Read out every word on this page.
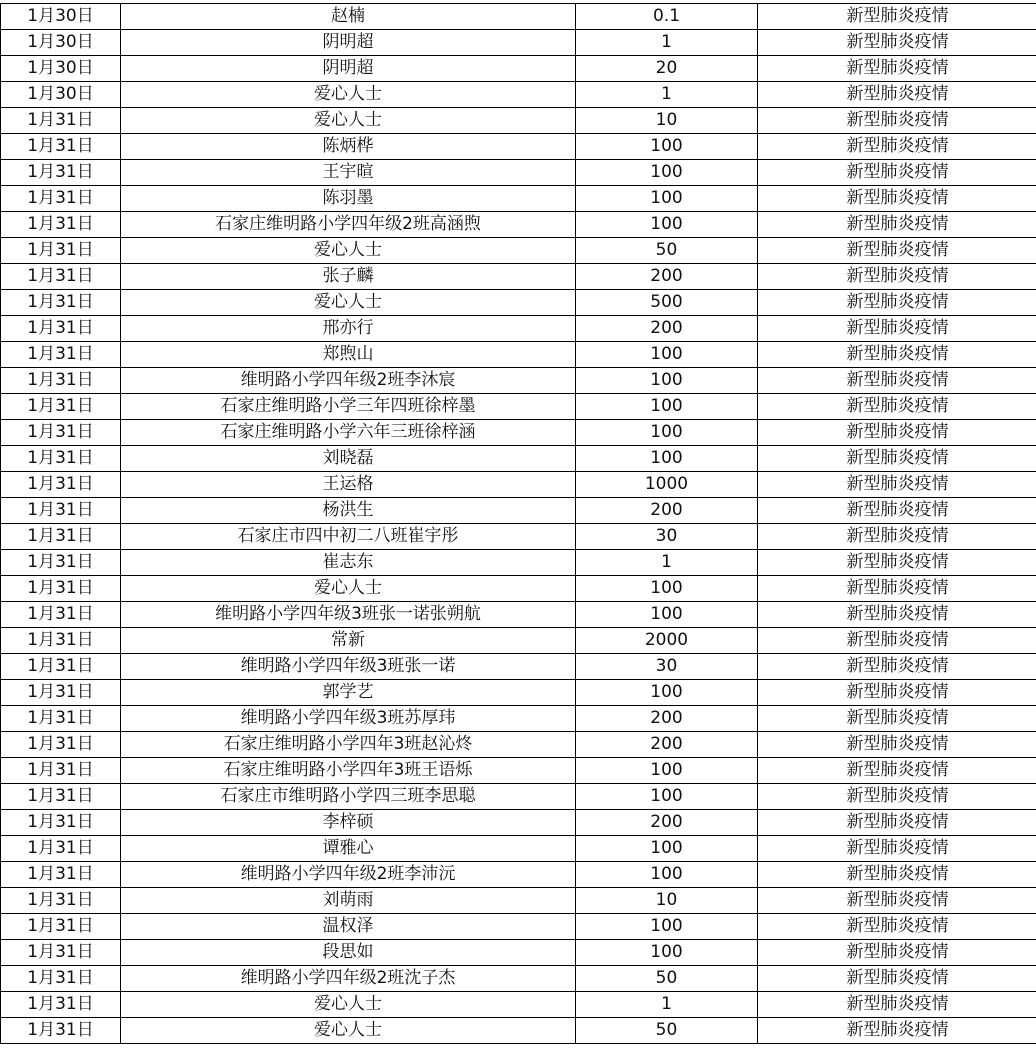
1月30日	赵楠	0.1	新型肺炎疫情
1月30日	阴明超	1	新型肺炎疫情
1月30日	阴明超	20	新型肺炎疫情
1月30日	爱心人士	1	新型肺炎疫情
1月31日	爱心人士	10	新型肺炎疫情
1月31日	陈炳桦	100	新型肺炎疫情
1月31日	王宇暄	100	新型肺炎疫情
1月31日	陈羽墨	100	新型肺炎疫情
1月31日	石家庄维明路小学四年级2班高涵煦	100	新型肺炎疫情
1月31日	爱心人士	50	新型肺炎疫情
1月31日	张子麟	200	新型肺炎疫情
1月31日	爱心人士	500	新型肺炎疫情
1月31日	邢亦行	200	新型肺炎疫情
1月31日	郑煦山	100	新型肺炎疫情
1月31日	维明路小学四年级2班李沐宸	100	新型肺炎疫情
1月31日	石家庄维明路小学三年四班徐梓墨	100	新型肺炎疫情
1月31日	石家庄维明路小学六年三班徐梓涵	100	新型肺炎疫情
1月31日	刘晓磊	100	新型肺炎疫情
1月31日	王运格	1000	新型肺炎疫情
1月31日	杨洪生	200	新型肺炎疫情
1月31日	石家庄市四中初二八班崔宇彤	30	新型肺炎疫情
1月31日	崔志东	1	新型肺炎疫情
1月31日	爱心人士	100	新型肺炎疫情
1月31日	维明路小学四年级3班张一诺张朔航	100	新型肺炎疫情
1月31日	常新	2000	新型肺炎疫情
1月31日	维明路小学四年级3班张一诺	30	新型肺炎疫情
1月31日	郭学艺	100	新型肺炎疫情
1月31日	维明路小学四年级3班苏厚玮	200	新型肺炎疫情
1月31日	石家庄维明路小学四年3班赵沁炵	200	新型肺炎疫情
1月31日	石家庄维明路小学四年3班王语烁	100	新型肺炎疫情
1月31日	石家庄市维明路小学四三班李思聪	100	新型肺炎疫情
1月31日	李梓硕	200	新型肺炎疫情
1月31日	谭雅心	100	新型肺炎疫情
1月31日	维明路小学四年级2班李沛沅	100	新型肺炎疫情
1月31日	刘萌雨	10	新型肺炎疫情
1月31日	温权泽	100	新型肺炎疫情
1月31日	段思如	100	新型肺炎疫情
1月31日	维明路小学四年级2班沈子杰	50	新型肺炎疫情
1月31日	爱心人士	1	新型肺炎疫情
1月31日	爱心人士	50	新型肺炎疫情
